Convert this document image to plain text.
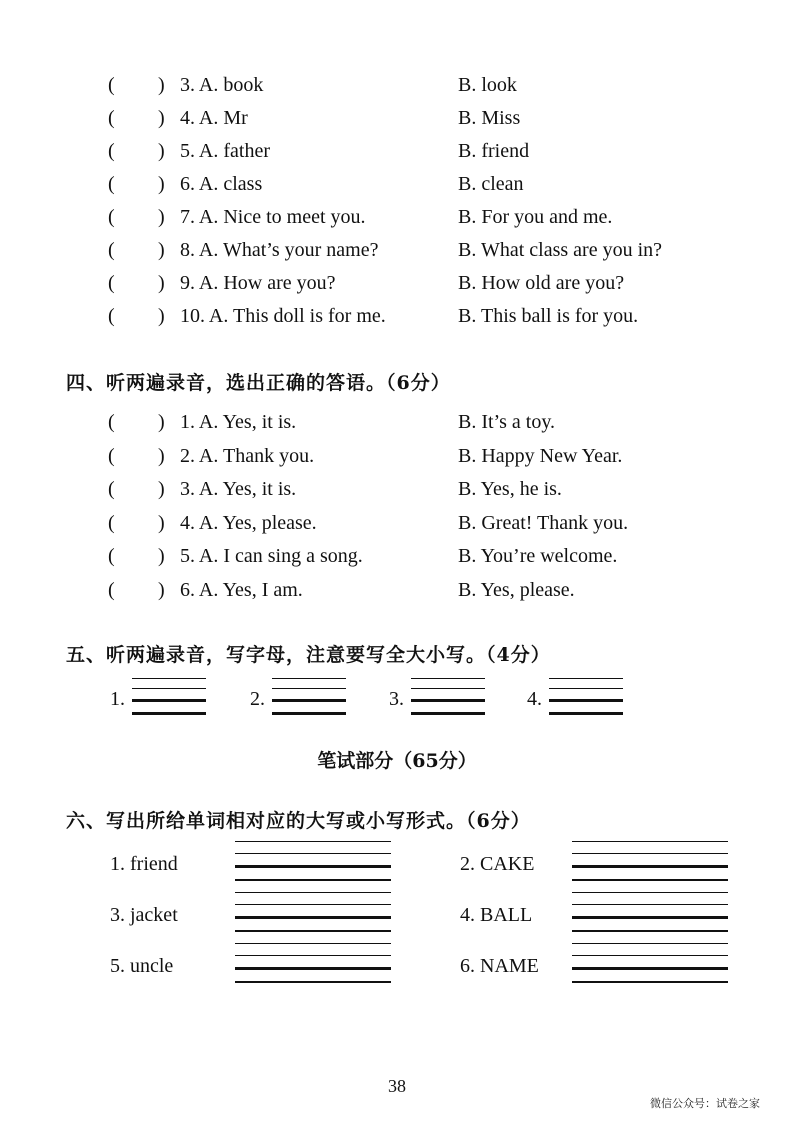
( ) 3. A. book	B. look
( ) 4. A. Mr	B. Miss
( ) 5. A. father	B. friend
( ) 6. A. class	B. clean
( ) 7. A. Nice to meet you.	B. For you and me.
( ) 8. A. What’s your name?	B. What class are you in?
( ) 9. A. How are you?	B. How old are you?
( ) 10. A. This doll is for me.	B. This ball is for you.
四、听两遍录音，选出正确的答语。（6分）
( ) 1. A. Yes, it is.	B. It’s a toy.
( ) 2. A. Thank you.	B. Happy New Year.
( ) 3. A. Yes, it is.	B. Yes, he is.
( ) 4. A. Yes, please.	B. Great! Thank you.
( ) 5. A. I can sing a song.	B. You’re welcome.
( ) 6. A. Yes, I am.	B. Yes, please.
五、听两遍录音，写字母，注意要写全大小写。（4分）
1.	2.	3.	4.
笔试部分（65分）
六、写出所给单词相对应的大写或小写形式。（6分）
1. friend	2. CAKE
3. jacket	4. BALL
5. uncle	6. NAME
38
微信公众号：试卷之家
